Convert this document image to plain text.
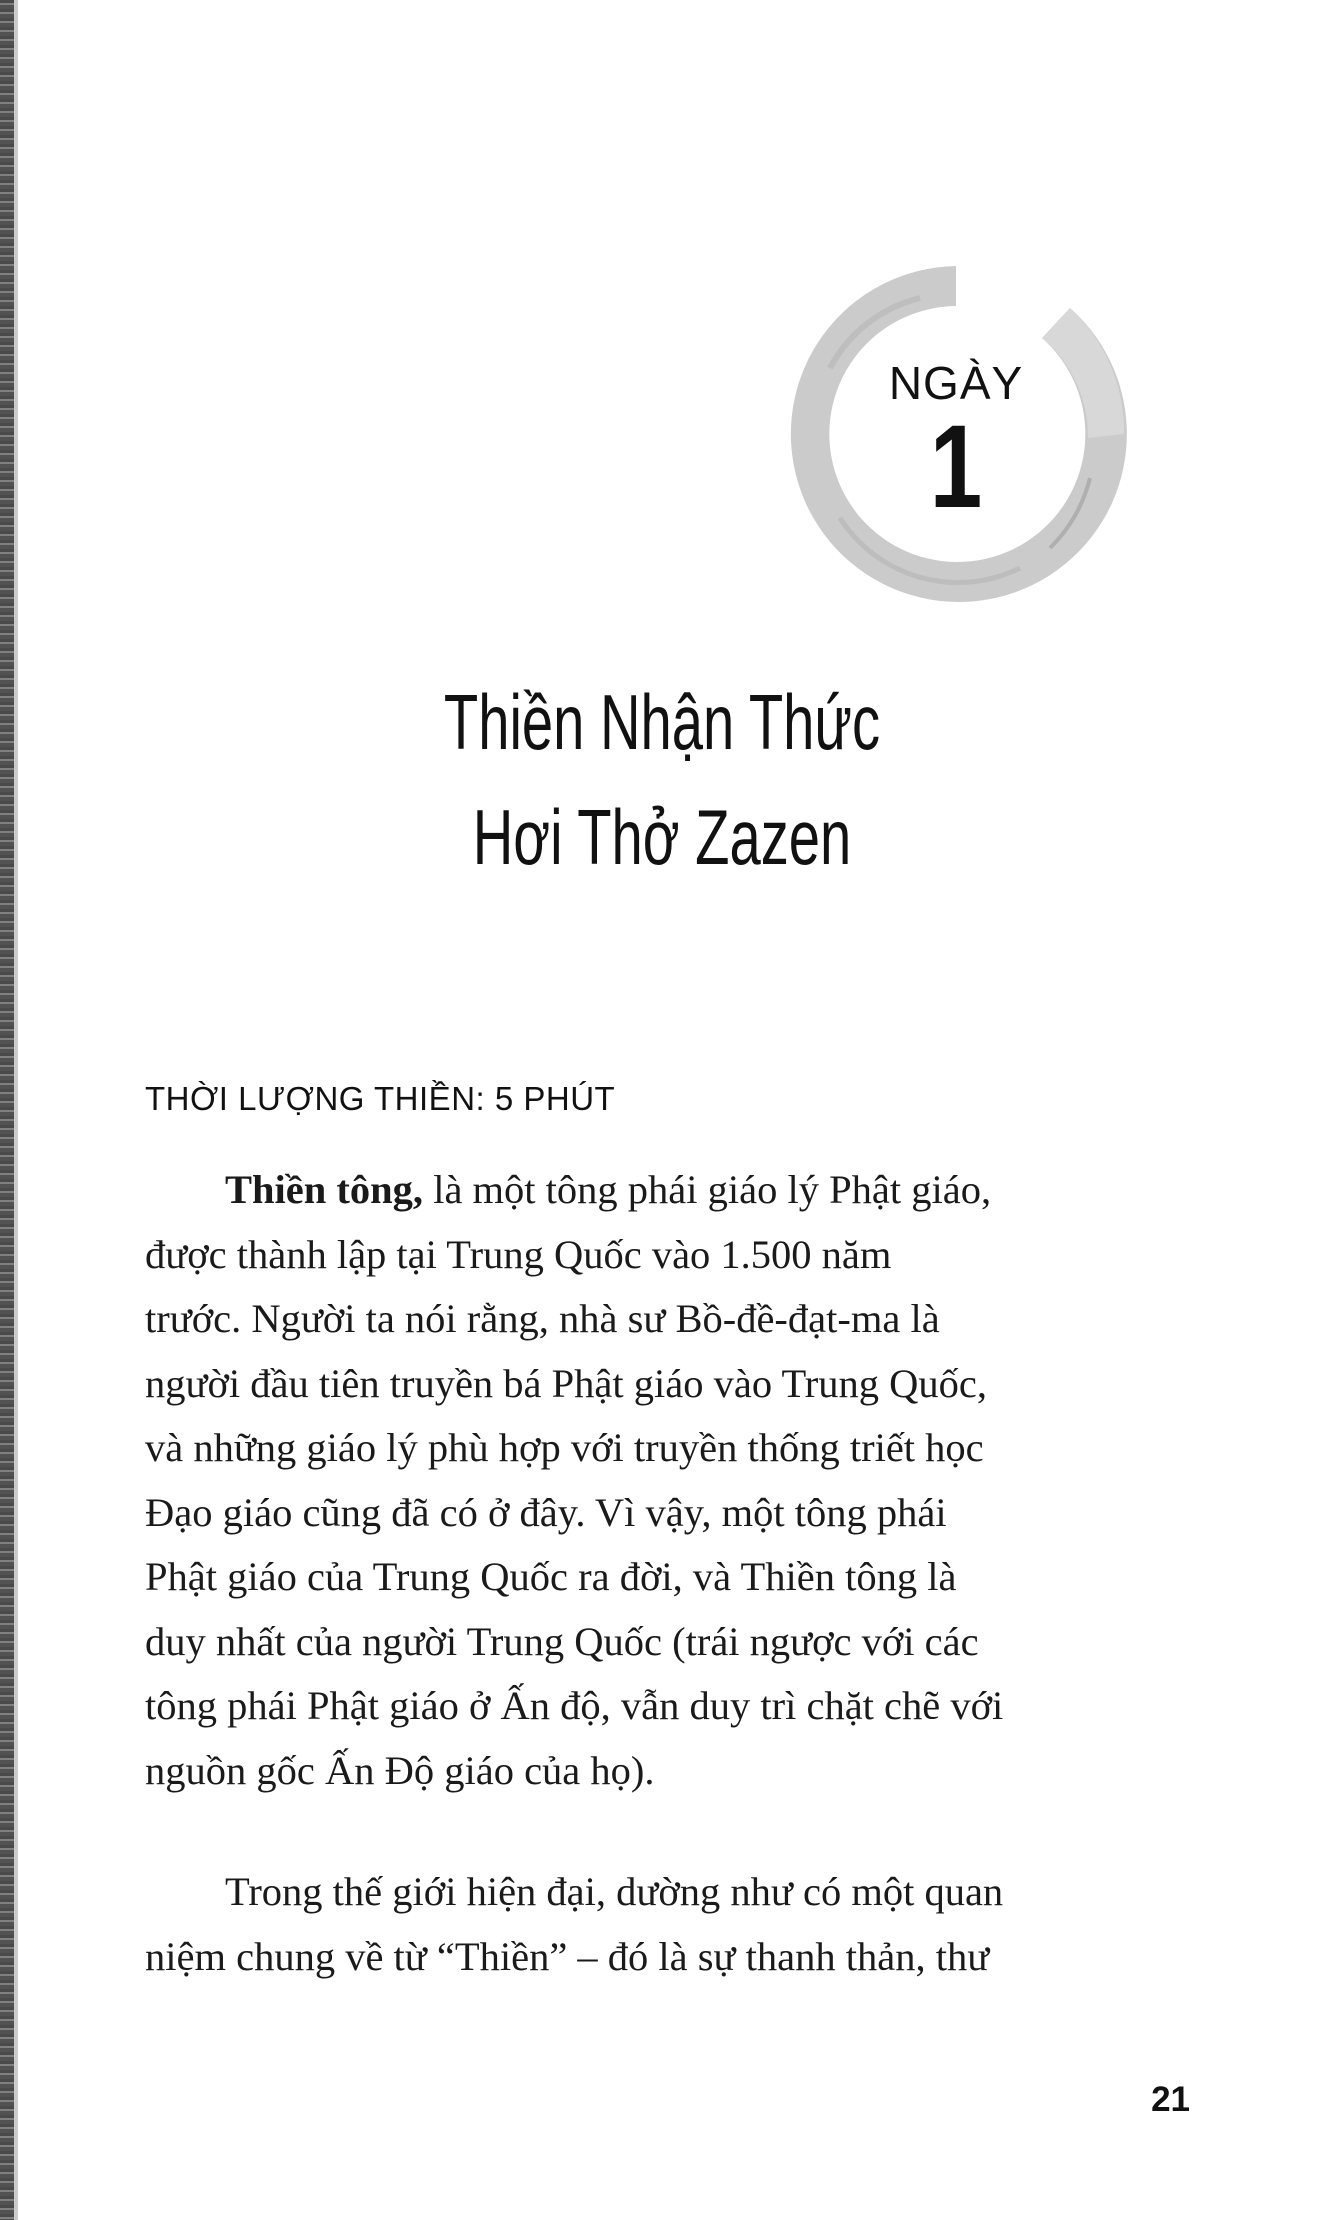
NGÀY
1
Thiền Nhận Thức
Hơi Thở Zazen
THỜI LƯỢNG THIỀN: 5 PHÚT
Thiền tông, là một tông phái giáo lý Phật giáo,
được thành lập tại Trung Quốc vào 1.500 năm
trước. Người ta nói rằng, nhà sư Bồ-đề-đạt-ma là
người đầu tiên truyền bá Phật giáo vào Trung Quốc,
và những giáo lý phù hợp với truyền thống triết học
Đạo giáo cũng đã có ở đây. Vì vậy, một tông phái
Phật giáo của Trung Quốc ra đời, và Thiền tông là
duy nhất của người Trung Quốc (trái ngược với các
tông phái Phật giáo ở Ấn độ, vẫn duy trì chặt chẽ với
nguồn gốc Ấn Độ giáo của họ).
Trong thế giới hiện đại, dường như có một quan
niệm chung về từ “Thiền” – đó là sự thanh thản, thư
21
